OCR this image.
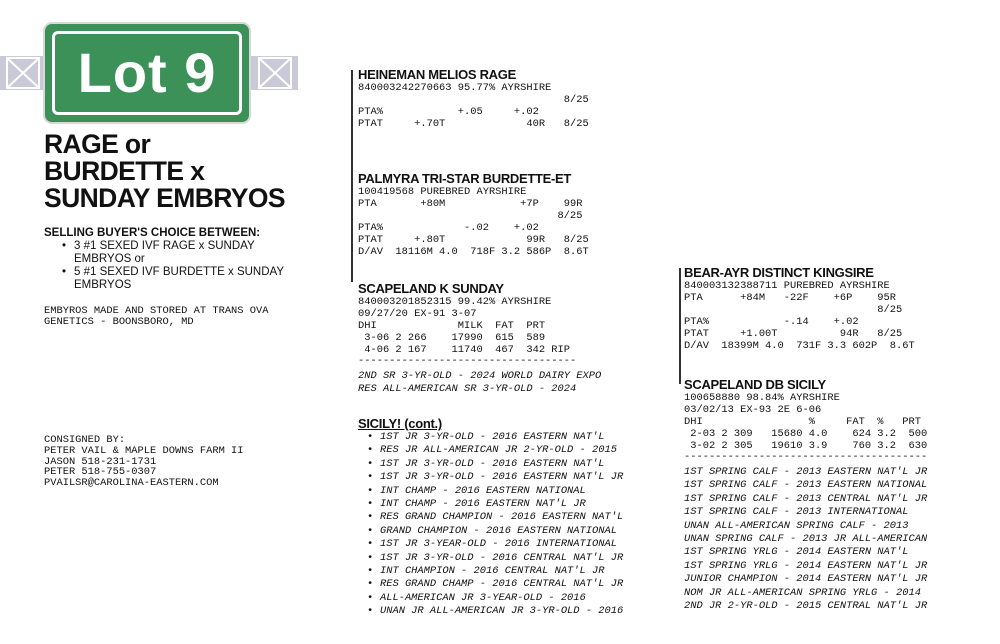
Lot 9
RAGE or
BURDETTE x
SUNDAY EMBRYOS
SELLING BUYER'S CHOICE BETWEEN:
• 3 #1 SEXED IVF RAGE x SUNDAY
EMBRYOS or
• 5 #1 SEXED IVF BURDETTE x SUNDAY
EMBRYOS
EMBYROS MADE AND STORED AT TRANS OVA
GENETICS - BOONSBORO, MD
CONSIGNED BY:
PETER VAIL & MAPLE DOWNS FARM II
JASON 518-231-1731
PETER 518-755-0307
PVAILSR@CAROLINA-EASTERN.COM
HEINEMAN MELIOS RAGE
840003242270663 95.77% AYRSHIRE
8/25
PTA%            +.05     +.02
PTAT     +.70T             40R   8/25
PALMYRA TRI-STAR BURDETTE-ET
100419568 PUREBRED AYRSHIRE
PTA       +80M            +7P    99R
8/25
PTA%             -.02    +.02
PTAT     +.80T             99R   8/25
D/AV  18116M 4.0  718F 3.2 586P  8.6T
SCAPELAND K SUNDAY
840003201852315 99.42% AYRSHIRE
09/27/20 EX-91 3-07
DHI             MILK  FAT  PRT
3-06 2 266    17990  615  589
4-06 2 167    11740  467  342 RIP
-----------------------------------
2ND SR 3-YR-OLD - 2024 WORLD DAIRY EXPO
RES ALL-AMERICAN SR 3-YR-OLD - 2024
SICILY! (cont.)
• 1ST JR 3-YR-OLD - 2016 EASTERN NAT'L
• RES JR ALL-AMERICAN JR 2-YR-OLD - 2015
• 1ST JR 3-YR-OLD - 2016 EASTERN NAT'L
• 1ST JR 3-YR-OLD - 2016 EASTERN NAT'L JR
• INT CHAMP - 2016 EASTERN NATIONAL
• INT CHAMP - 2016 EASTERN NAT'L JR
• RES GRAND CHAMPION - 2016 EASTERN NAT'L
• GRAND CHAMPION - 2016 EASTERN NATIONAL
• 1ST JR 3-YEAR-OLD - 2016 INTERNATIONAL
• 1ST JR 3-YR-OLD - 2016 CENTRAL NAT'L JR
• INT CHAMPION - 2016 CENTRAL NAT'L JR
• RES GRAND CHAMP - 2016 CENTRAL NAT'L JR
• ALL-AMERICAN JR 3-YEAR-OLD - 2016
• UNAN JR ALL-AMERICAN JR 3-YR-OLD - 2016
BEAR-AYR DISTINCT KINGSIRE
840003132388711 PUREBRED AYRSHIRE
PTA      +84M   -22F    +6P    95R
8/25
PTA%            -.14    +.02
PTAT     +1.00T          94R   8/25
D/AV  18399M 4.0  731F 3.3 602P  8.6T
SCAPELAND DB SICILY
100658880 98.84% AYRSHIRE
03/02/13 EX-93 2E 6-06
DHI                 %     FAT  %   PRT
2-03 2 309   15680 4.0    624 3.2  500
3-02 2 305   19610 3.9    760 3.2  630
---------------------------------------
1ST SPRING CALF - 2013 EASTERN NAT'L JR
1ST SPRING CALF - 2013 EASTERN NATIONAL
1ST SPRING CALF - 2013 CENTRAL NAT'L JR
1ST SPRING CALF - 2013 INTERNATIONAL
UNAN ALL-AMERICAN SPRING CALF - 2013
UNAN SPRING CALF - 2013 JR ALL-AMERICAN
1ST SPRING YRLG - 2014 EASTERN NAT'L
1ST SPRING YRLG - 2014 EASTERN NAT'L JR
JUNIOR CHAMPION - 2014 EASTERN NAT'L JR
NOM JR ALL-AMERICAN SPRING YRLG - 2014
2ND JR 2-YR-OLD - 2015 CENTRAL NAT'L JR
